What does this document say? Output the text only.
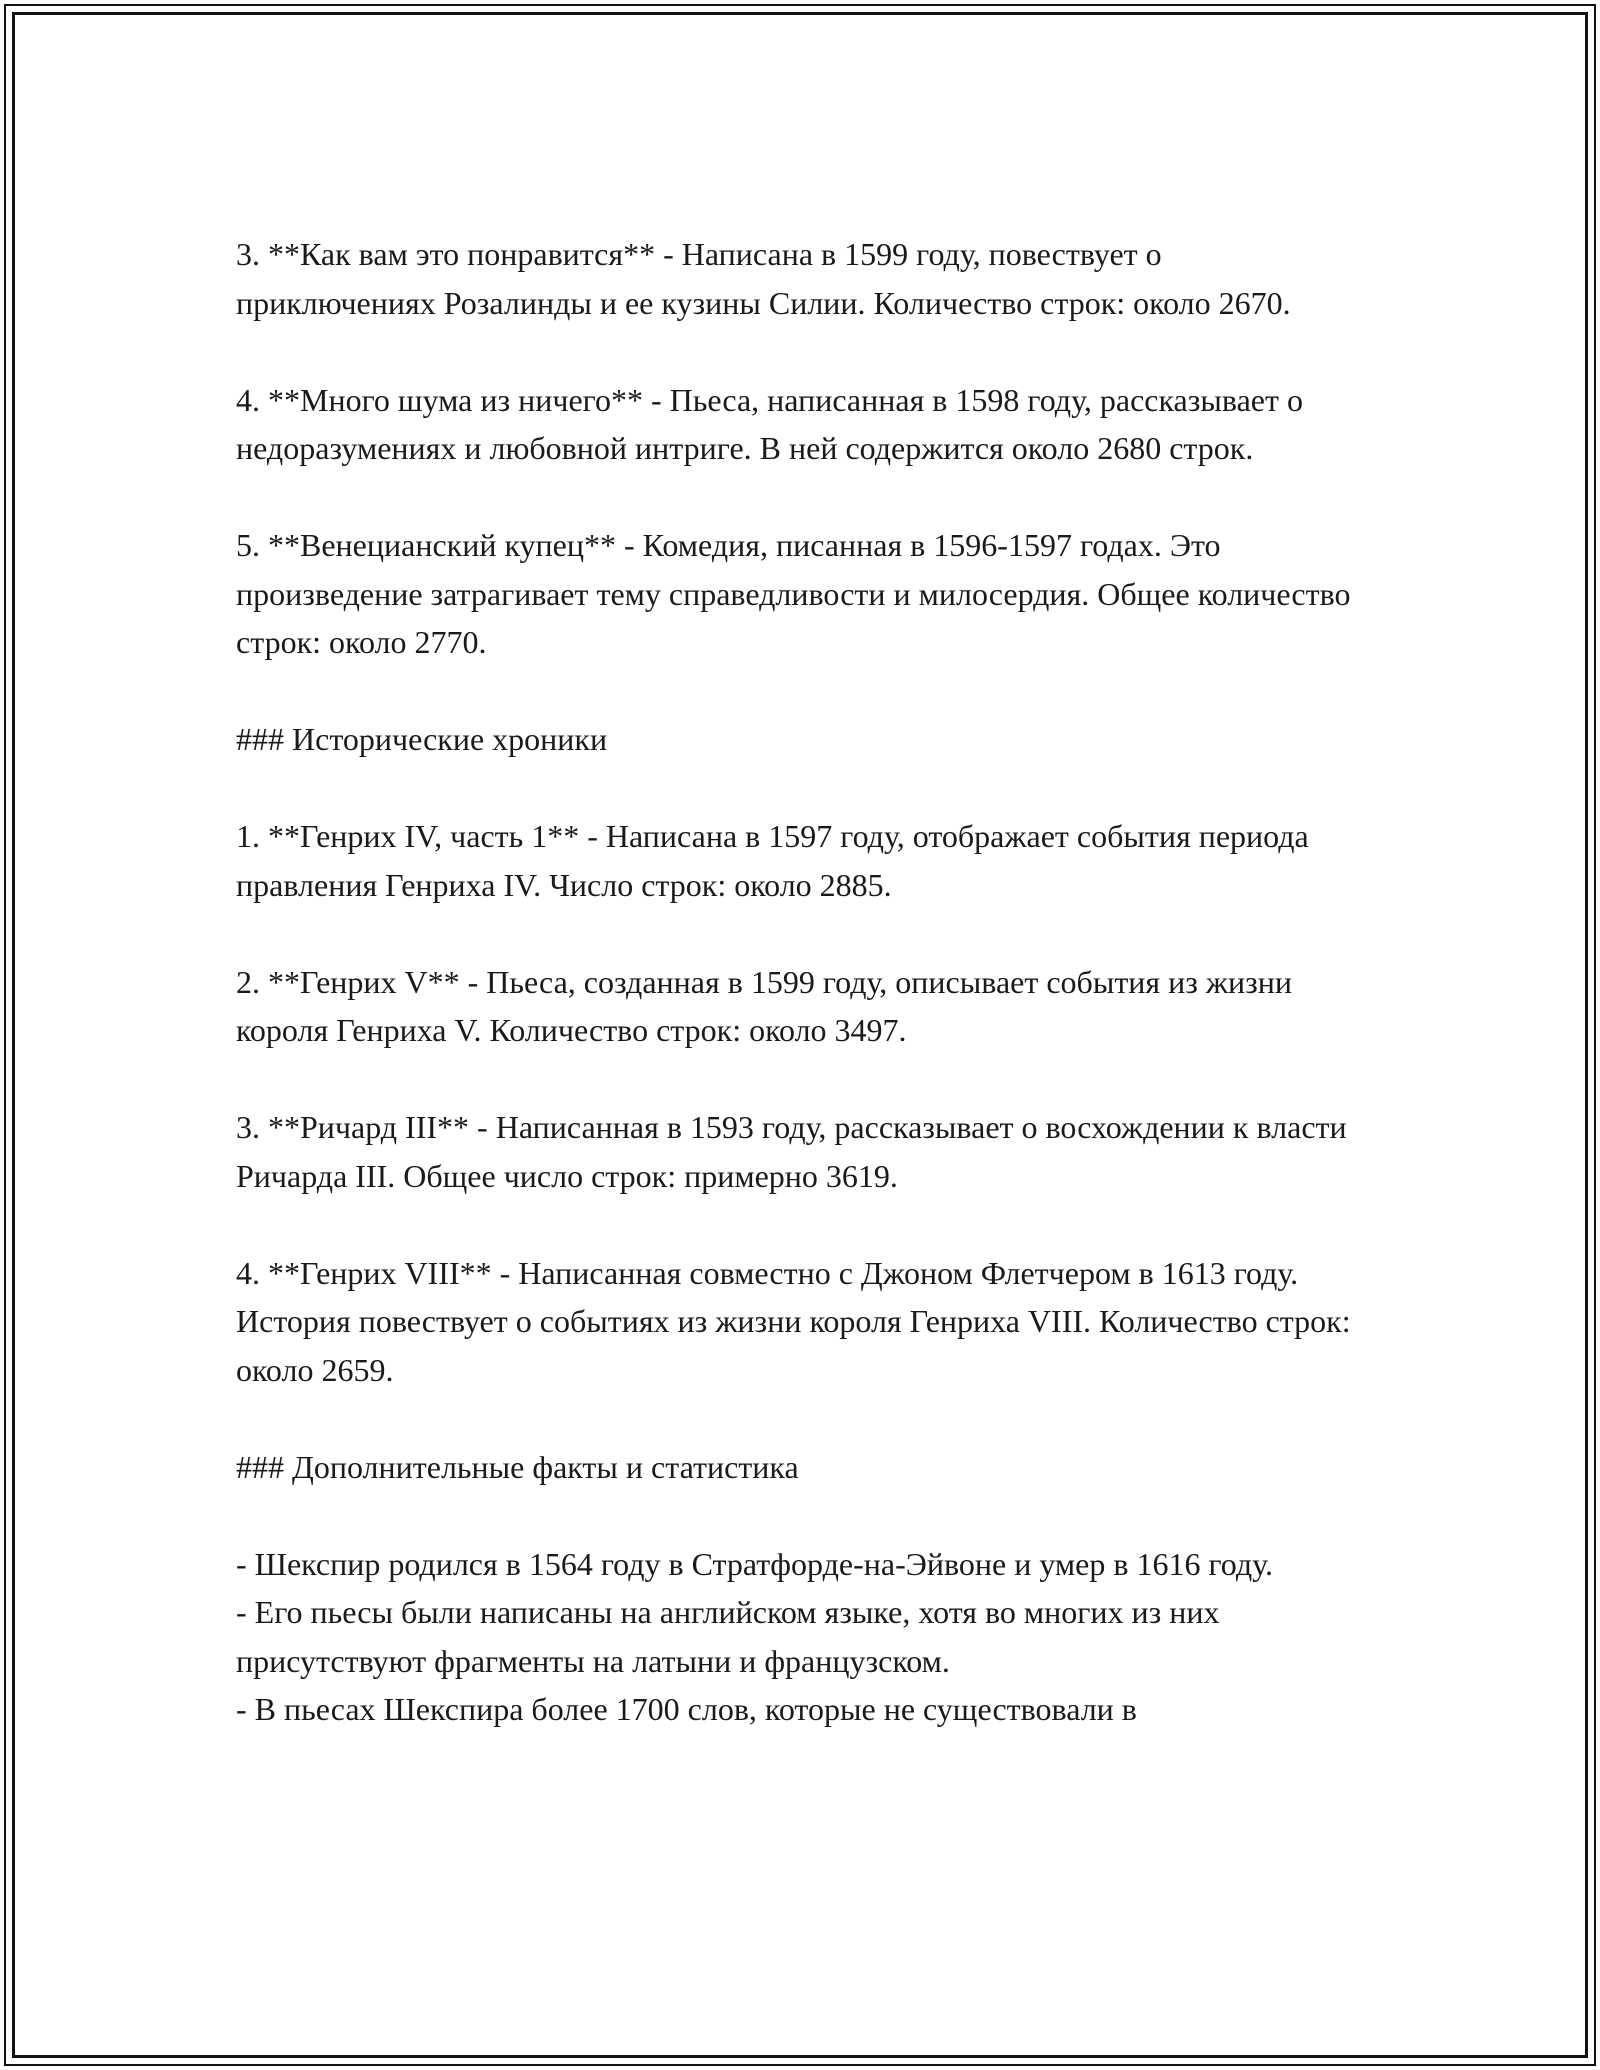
3. **Как вам это понравится** - Написана в 1599 году, повествует о приключениях Розалинды и ее кузины Силии. Количество строк: около 2670.

4. **Много шума из ничего** - Пьеса, написанная в 1598 году, рассказывает о недоразумениях и любовной интриге. В ней содержится около 2680 строк.

5. **Венецианский купец** - Комедия, писанная в 1596-1597 годах. Это произведение затрагивает тему справедливости и милосердия. Общее количество строк: около 2770.

### Исторические хроники

1. **Генрих IV, часть 1** - Написана в 1597 году, отображает события периода правления Генриха IV. Число строк: около 2885.

2. **Генрих V** - Пьеса, созданная в 1599 году, описывает события из жизни короля Генриха V. Количество строк: около 3497.

3. **Ричард III** - Написанная в 1593 году, рассказывает о восхождении к власти Ричарда III. Общее число строк: примерно 3619.

4. **Генрих VIII** - Написанная совместно с Джоном Флетчером в 1613 году. История повествует о событиях из жизни короля Генриха VIII. Количество строк: около 2659.

### Дополнительные факты и статистика

- Шекспир родился в 1564 году в Стратфорде-на-Эйвоне и умер в 1616 году.

- Его пьесы были написаны на английском языке, хотя во многих из них присутствуют фрагменты на латыни и французском.

- В пьесах Шекспира более 1700 слов, которые не существовали в
